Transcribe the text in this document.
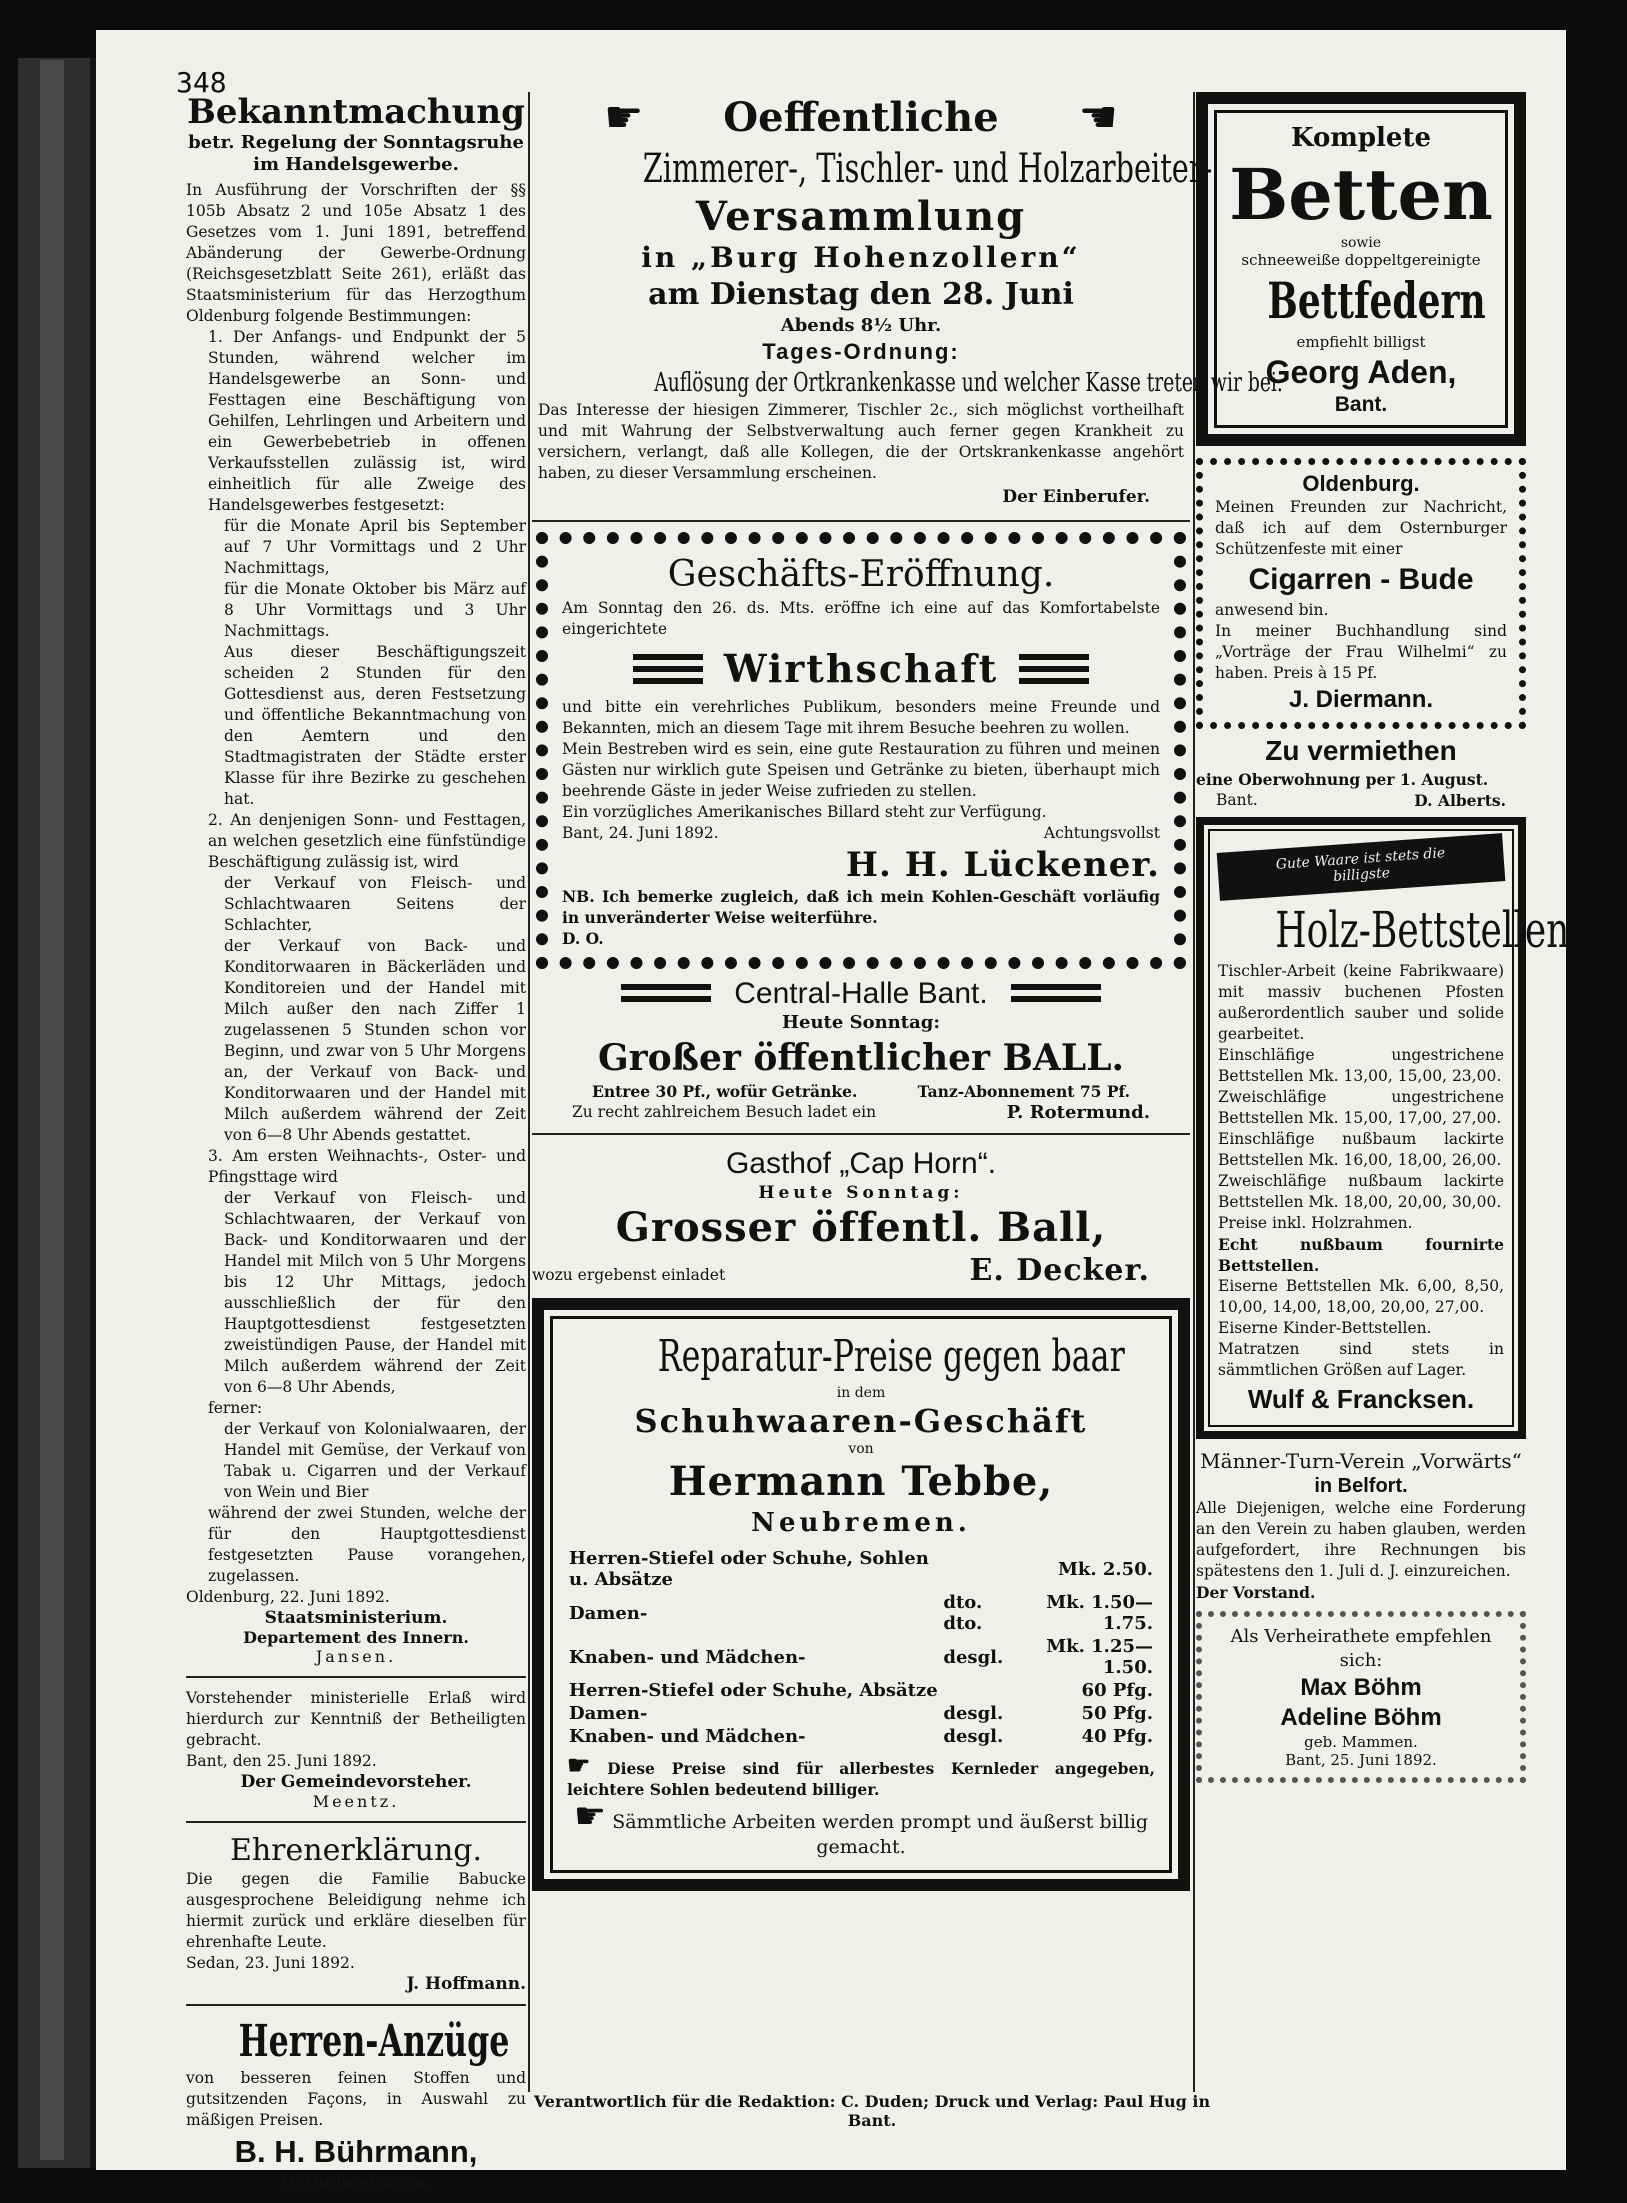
348
Bekanntmachung
betr. Regelung der Sonntagsruhe im Handelsgewerbe.
In Ausführung der Vorschriften der §§ 105b Absatz 2 und 105e Absatz 1 des Gesetzes vom 1. Juni 1891, betreffend Abänderung der Gewerbe-Ordnung (Reichsgesetzblatt Seite 261), erläßt das Staatsministerium für das Herzogthum Oldenburg folgende Bestimmungen:
1. Der Anfangs- und Endpunkt der 5 Stunden, während welcher im Handelsgewerbe an Sonn- und Festtagen eine Beschäftigung von Gehilfen, Lehrlingen und Arbeitern und ein Gewerbebetrieb in offenen Verkaufsstellen zulässig ist, wird einheitlich für alle Zweige des Handelsgewerbes festgesetzt:
für die Monate April bis September auf 7 Uhr Vormittags und 2 Uhr Nachmittags,
für die Monate Oktober bis März auf 8 Uhr Vormittags und 3 Uhr Nachmittags.
Aus dieser Beschäftigungszeit scheiden 2 Stunden für den Gottesdienst aus, deren Festsetzung und öffentliche Bekanntmachung von den Aemtern und den Stadtmagistraten der Städte erster Klasse für ihre Bezirke zu geschehen hat.
2. An denjenigen Sonn- und Festtagen, an welchen gesetzlich eine fünfstündige Beschäftigung zulässig ist, wird
der Verkauf von Fleisch- und Schlachtwaaren Seitens der Schlachter,
der Verkauf von Back- und Konditorwaaren in Bäckerläden und Konditoreien und der Handel mit Milch außer den nach Ziffer 1 zugelassenen 5 Stunden schon vor Beginn, und zwar von 5 Uhr Morgens an, der Verkauf von Back- und Konditorwaaren und der Handel mit Milch außerdem während der Zeit von 6—8 Uhr Abends gestattet.
3. Am ersten Weihnachts-, Oster- und Pfingsttage wird
der Verkauf von Fleisch- und Schlachtwaaren, der Verkauf von Back- und Konditorwaaren und der Handel mit Milch von 5 Uhr Morgens bis 12 Uhr Mittags, jedoch ausschließlich der für den Hauptgottesdienst festgesetzten zweistündigen Pause, der Handel mit Milch außerdem während der Zeit von 6—8 Uhr Abends,
ferner:
der Verkauf von Kolonialwaaren, der Handel mit Gemüse, der Verkauf von Tabak u. Cigarren und der Verkauf von Wein und Bier
während der zwei Stunden, welche der für den Hauptgottesdienst festgesetzten Pause vorangehen, zugelassen.
Oldenburg, 22. Juni 1892.
Staatsministerium.
Departement des Innern.
Jansen.
Vorstehender ministerielle Erlaß wird hierdurch zur Kenntniß der Betheiligten gebracht.
Bant, den 25. Juni 1892.
Der Gemeindevorsteher.
Meentz.
Ehrenerklärung.
Die gegen die Familie Babucke ausgesprochene Beleidigung nehme ich hiermit zurück und erkläre dieselben für ehrenhafte Leute.
Sedan, 23. Juni 1892.
J. Hoffmann.
Herren-Anzüge
von besseren feinen Stoffen und gutsitzenden Façons, in Auswahl zu mäßigen Preisen.
B. H. Bührmann,
Wilhelmshaven.
☛ Oeffentliche ☚
Zimmerer-, Tischler- und Holzarbeiter-
Versammlung
in „Burg Hohenzollern“
am Dienstag den 28. Juni
Abends 8½ Uhr.
Tages-Ordnung:
Auflösung der Ortkrankenkasse und welcher Kasse treten wir bei.
Das Interesse der hiesigen Zimmerer, Tischler 2c., sich möglichst vortheilhaft und mit Wahrung der Selbstverwaltung auch ferner gegen Krankheit zu versichern, verlangt, daß alle Kollegen, die der Ortskrankenkasse angehört haben, zu dieser Versammlung erscheinen.
Der Einberufer.
Geschäfts-Eröffnung.
Am Sonntag den 26. ds. Mts. eröffne ich eine auf das Komfortabelste eingerichtete
Wirthschaft
und bitte ein verehrliches Publikum, besonders meine Freunde und Bekannten, mich an diesem Tage mit ihrem Besuche beehren zu wollen.
Mein Bestreben wird es sein, eine gute Restauration zu führen und meinen Gästen nur wirklich gute Speisen und Getränke zu bieten, überhaupt mich beehrende Gäste in jeder Weise zufrieden zu stellen.
Ein vorzügliches Amerikanisches Billard steht zur Verfügung.
Bant, 24. Juni 1892.	Achtungsvollst
H. H. Lückener.
NB. Ich bemerke zugleich, daß ich mein Kohlen-Geschäft vorläufig in unveränderter Weise weiterführe.
D. O.
Central-Halle Bant.
Heute Sonntag:
Großer öffentlicher BALL.
Entree 30 Pf., wofür Getränke.	Tanz-Abonnement 75 Pf.
Zu recht zahlreichem Besuch ladet ein	P. Rotermund.
Gasthof „Cap Horn“.
Heute Sonntag:
Grosser öffentl. Ball,
wozu ergebenst einladet	E. Decker.
Reparatur-Preise gegen baar
in dem
Schuhwaaren-Geschäft
von
Hermann Tebbe,
Neubremen.
Herren-Stiefel oder Schuhe, Sohlen u. Absätze		Mk. 2.50.
Damen-	dto. dto.	Mk. 1.50—1.75.
Knaben- und Mädchen-	desgl.	Mk. 1.25—1.50.
Herren-Stiefel oder Schuhe, Absätze		60 Pfg.
Damen-	desgl.	50 Pfg.
Knaben- und Mädchen-	desgl.	40 Pfg.
☛ Diese Preise sind für allerbestes Kernleder angegeben, leichtere Sohlen bedeutend billiger.
☛ Sämmtliche Arbeiten werden prompt und äußerst billig gemacht.
Verantwortlich für die Redaktion: C. Duden; Druck und Verlag: Paul Hug in Bant.
Komplete
Betten
sowie
schneeweiße doppeltgereinigte
Bettfedern
empfiehlt billigst
Georg Aden,
Bant.
Oldenburg.
Meinen Freunden zur Nachricht, daß ich auf dem Osternburger Schützenfeste mit einer
Cigarren - Bude
anwesend bin.
In meiner Buchhandlung sind „Vorträge der Frau Wilhelmi“ zu haben. Preis à 15 Pf.
J. Diermann.
Zu vermiethen
eine Oberwohnung per 1. August.
Bant.	D. Alberts.
Gute Waare ist stets die billigste
Holz-Bettstellen
Tischler-Arbeit (keine Fabrikwaare) mit massiv buchenen Pfosten außerordentlich sauber und solide gearbeitet.
Einschläfige ungestrichene Bettstellen Mk. 13,00, 15,00, 23,00.
Zweischläfige ungestrichene Bettstellen Mk. 15,00, 17,00, 27,00.
Einschläfige nußbaum lackirte Bettstellen Mk. 16,00, 18,00, 26,00.
Zweischläfige nußbaum lackirte Bettstellen Mk. 18,00, 20,00, 30,00.
Preise inkl. Holzrahmen.
Echt nußbaum fournirte Bettstellen.
Eiserne Bettstellen Mk. 6,00, 8,50, 10,00, 14,00, 18,00, 20,00, 27,00.
Eiserne Kinder-Bettstellen.
Matratzen sind stets in sämmtlichen Größen auf Lager.
Wulf & Francksen.
Männer-Turn-Verein „Vorwärts“
in Belfort.
Alle Diejenigen, welche eine Forderung an den Verein zu haben glauben, werden aufgefordert, ihre Rechnungen bis spätestens den 1. Juli d. J. einzureichen.
Der Vorstand.
Als Verheirathete empfehlen sich:
Max Böhm
Adeline Böhm
geb. Mammen.
Bant, 25. Juni 1892.
